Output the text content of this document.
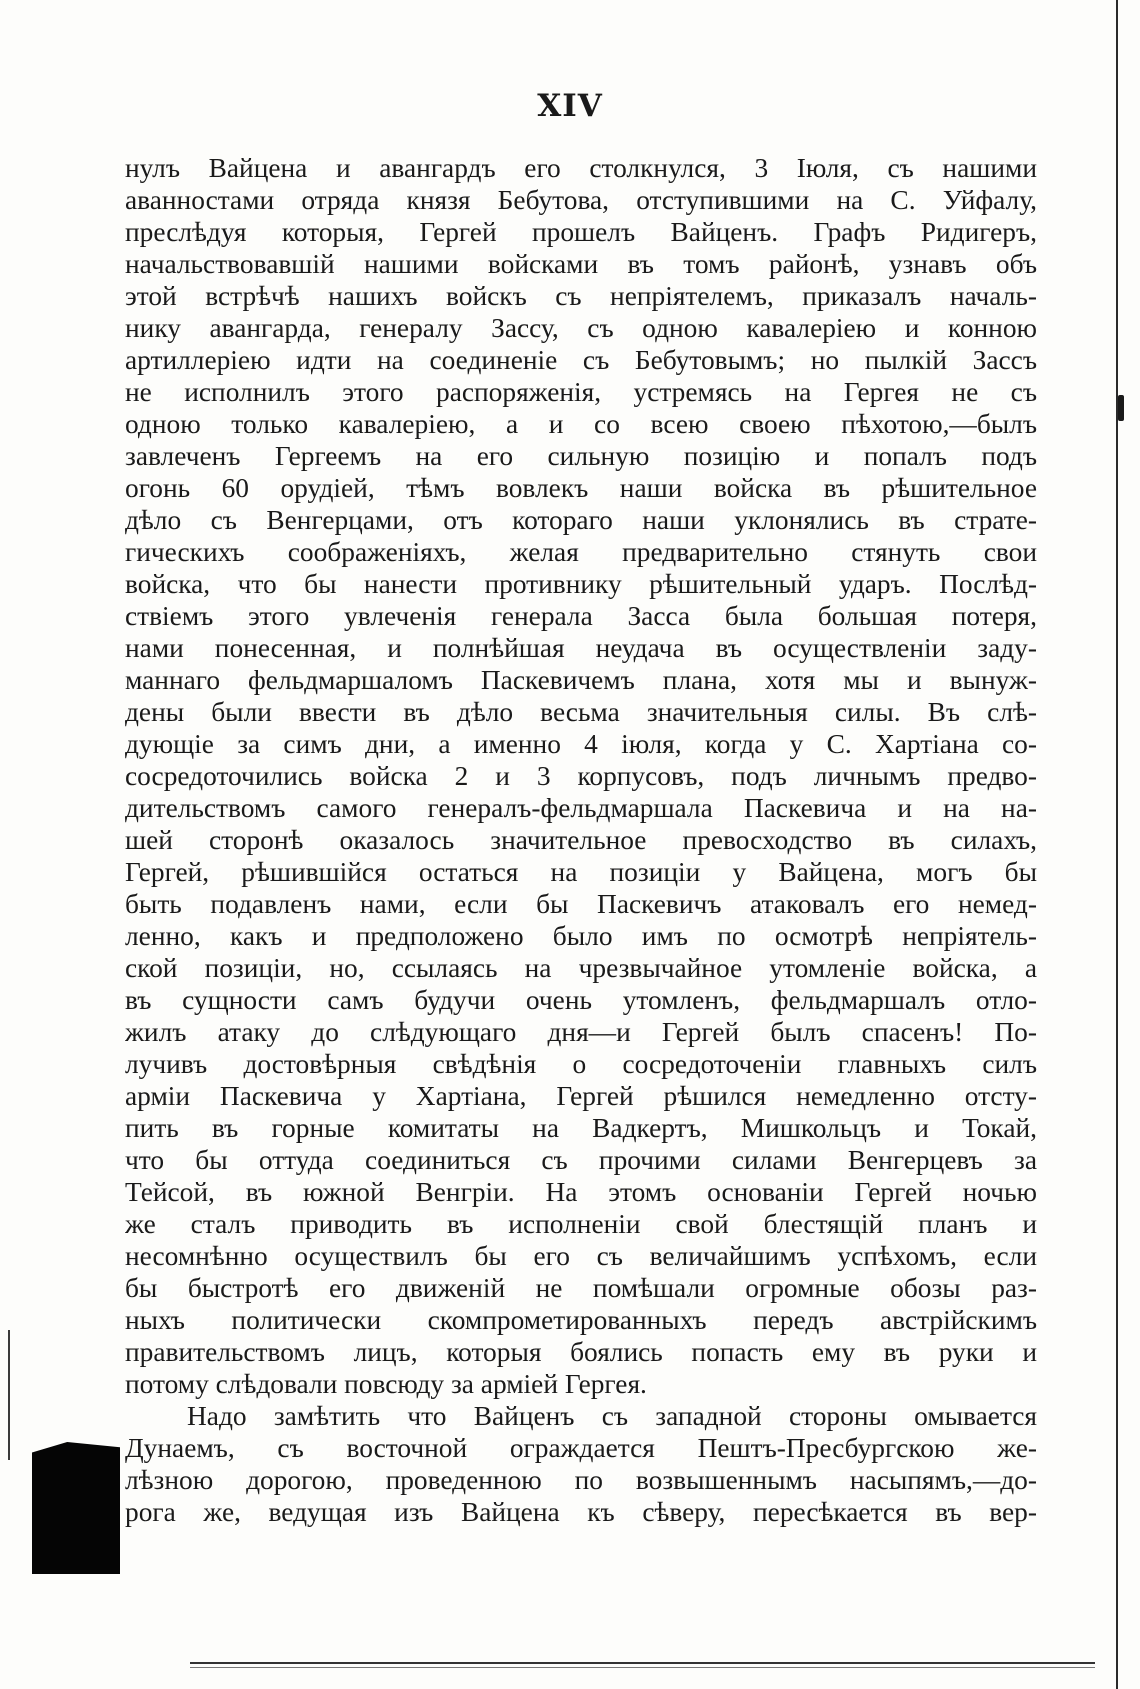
XIV
нулъ Вайцена и авангардъ его столкнулся, 3 Іюля, съ нашими
аванностами отряда князя Бебутова, отступившими на С. Уйфалу,
преслѣдуя которыя, Гергей прошелъ Вайценъ. Графъ Ридигеръ,
начальствовавшій нашими войсками въ томъ районѣ, узнавъ объ
этой встрѣчѣ нашихъ войскъ съ непріятелемъ, приказалъ началь-
нику авангарда, генералу Зассу, съ одною кавалеріею и конною
артиллеріею идти на соединеніе съ Бебутовымъ; но пылкій Зассъ
не исполнилъ этого распоряженія, устремясь на Гергея не съ
одною только кавалеріею, а и со всею своею пѣхотою,—былъ
завлеченъ Гергеемъ на его сильную позицію и попалъ подъ
огонь 60 орудіей, тѣмъ вовлекъ наши войска въ рѣшительное
дѣло съ Венгерцами, отъ котораго наши уклонялись въ страте-
гическихъ соображеніяхъ, желая предварительно стянуть свои
войска, что бы нанести противнику рѣшительный ударъ. Послѣд-
ствіемъ этого увлеченія генерала Засса была большая потеря,
нами понесенная, и полнѣйшая неудача въ осуществленіи заду-
маннаго фельдмаршаломъ Паскевичемъ плана, хотя мы и вынуж-
дены были ввести въ дѣло весьма значительныя силы. Въ слѣ-
дующіе за симъ дни, а именно 4 іюля, когда у С. Хартіана со-
сосредоточились войска 2 и 3 корпусовъ, подъ личнымъ предво-
дительствомъ самого генералъ-фельдмаршала Паскевича и на на-
шей сторонѣ оказалось значительное превосходство въ силахъ,
Гергей, рѣшившійся остаться на позиціи у Вайцена, могъ бы
быть подавленъ нами, если бы Паскевичъ атаковалъ его немед-
ленно, какъ и предположено было имъ по осмотрѣ непріятель-
ской позиціи, но, ссылаясь на чрезвычайное утомленіе войска, а
въ сущности самъ будучи очень утомленъ, фельдмаршалъ отло-
жилъ атаку до слѣдующаго дня—и Гергей былъ спасенъ! По-
лучивъ достовѣрныя свѣдѣнія о сосредоточеніи главныхъ силъ
арміи Паскевича у Хартіана, Гергей рѣшился немедленно отсту-
пить въ горные комитаты на Вадкертъ, Мишкольцъ и Токай,
что бы оттуда соединиться съ прочими силами Венгерцевъ за
Тейсой, въ южной Венгріи. На этомъ основаніи Гергей ночью
же сталъ приводить въ исполненіи свой блестящій планъ и
несомнѣнно осуществилъ бы его съ величайшимъ успѣхомъ, если
бы быстротѣ его движеній не помѣшали огромные обозы раз-
ныхъ политически скомпрометированныхъ передъ австрійскимъ
правительствомъ лицъ, которыя боялись попасть ему въ руки и
потому слѣдовали повсюду за арміей Гергея.
Надо замѣтить что Вайценъ съ западной стороны омывается
Дунаемъ, съ восточной ограждается Пештъ-Пресбургскою же-
лѣзною дорогою, проведенною по возвышеннымъ насыпямъ,—до-
рога же, ведущая изъ Вайцена къ сѣверу, пересѣкается въ вер-
